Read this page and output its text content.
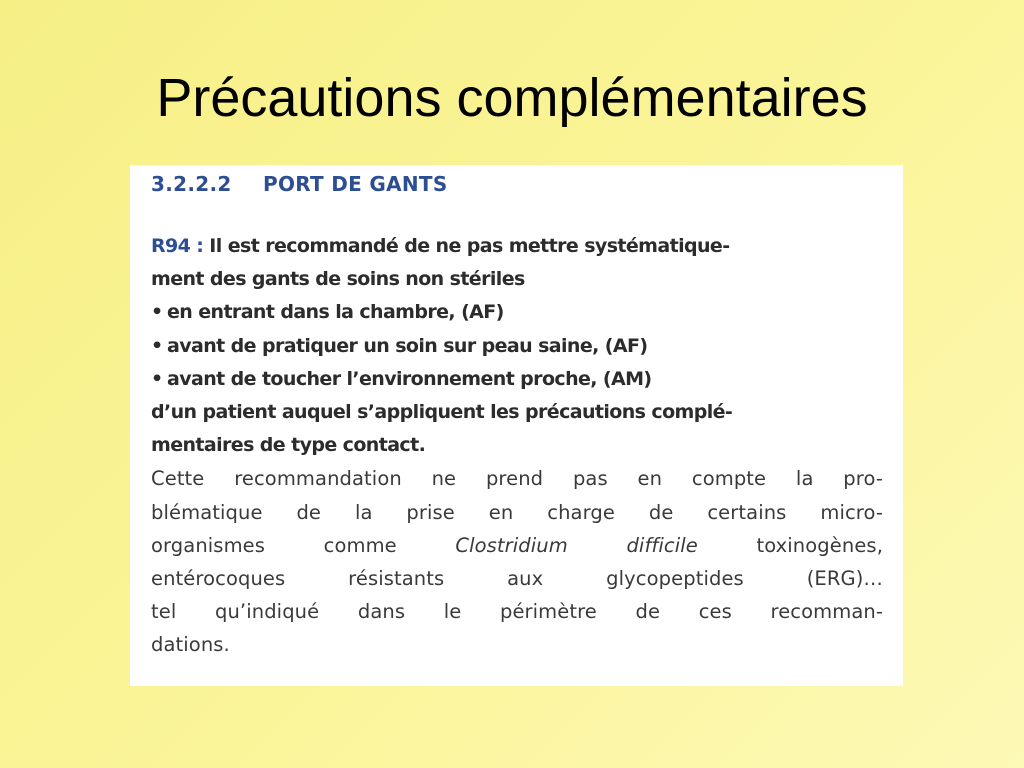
Précautions complémentaires
3.2.2.2 PORT DE GANTS
R94 : Il est recommandé de ne pas mettre systématique-
ment des gants de soins non stériles
• en entrant dans la chambre, (AF)
• avant de pratiquer un soin sur peau saine, (AF)
• avant de toucher l’environnement proche, (AM)
d’un patient auquel s’appliquent les précautions complé-
mentaires de type contact.
Cette recommandation ne prend pas en compte la pro-
blématique de la prise en charge de certains micro-
organismes comme Clostridium difficile toxinogènes,
entérocoques résistants aux glycopeptides (ERG)…
tel qu’indiqué dans le périmètre de ces recomman-
dations.
